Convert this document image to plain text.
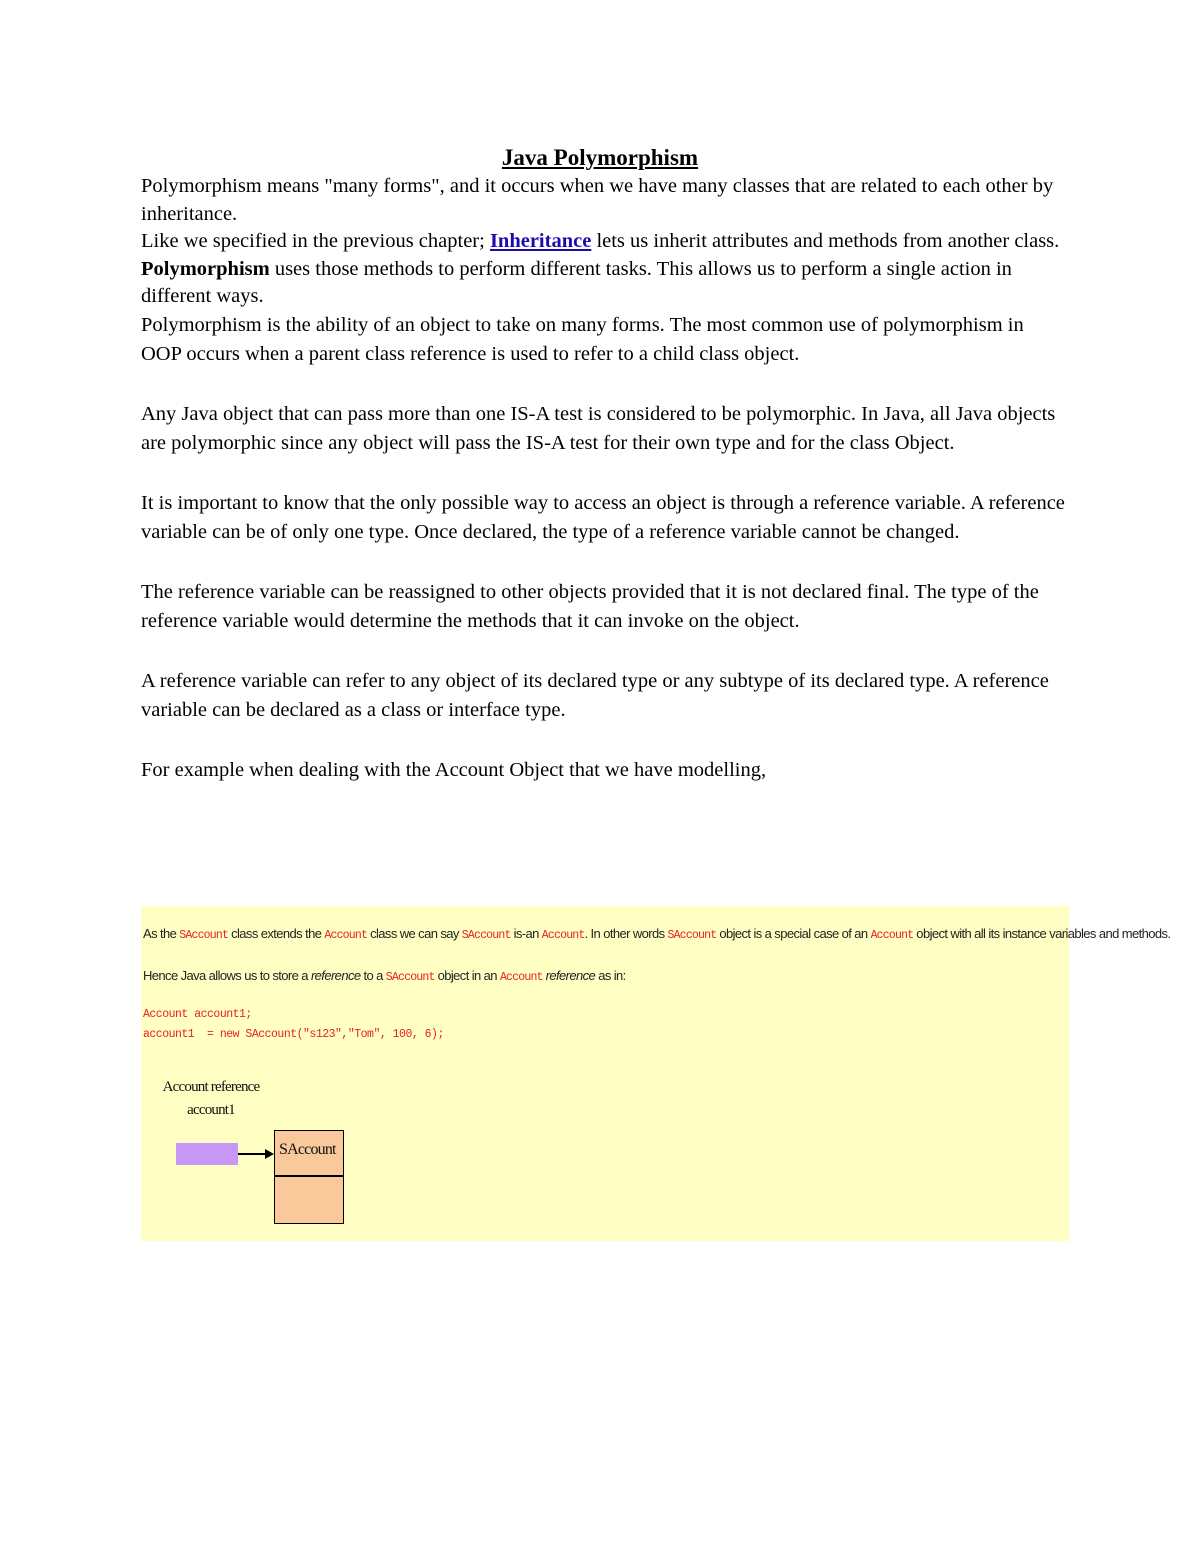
Java Polymorphism

Polymorphism means "many forms", and it occurs when we have many classes that are related to each other by inheritance.

Like we specified in the previous chapter; Inheritance lets us inherit attributes and methods from another class. Polymorphism uses those methods to perform different tasks. This allows us to perform a single action in different ways.

Polymorphism is the ability of an object to take on many forms. The most common use of polymorphism in OOP occurs when a parent class reference is used to refer to a child class object.

Any Java object that can pass more than one IS-A test is considered to be polymorphic. In Java, all Java objects are polymorphic since any object will pass the IS-A test for their own type and for the class Object.

It is important to know that the only possible way to access an object is through a reference variable. A reference variable can be of only one type. Once declared, the type of a reference variable cannot be changed.

The reference variable can be reassigned to other objects provided that it is not declared final. The type of the reference variable would determine the methods that it can invoke on the object.

A reference variable can refer to any object of its declared type or any subtype of its declared type. A reference variable can be declared as a class or interface type.

For example when dealing with the Account Object that we have modelling,

As the SAccount class extends the Account class we can say SAccount is-an Account. In other words SAccount object is a special case of an Account object with all its instance variables and methods.
Hence Java allows us to store a reference to a SAccount object in an Account reference as in:
Account account1;
account1  = new SAccount("s123","Tom", 100, 6);
Account reference
account1
SAccount
